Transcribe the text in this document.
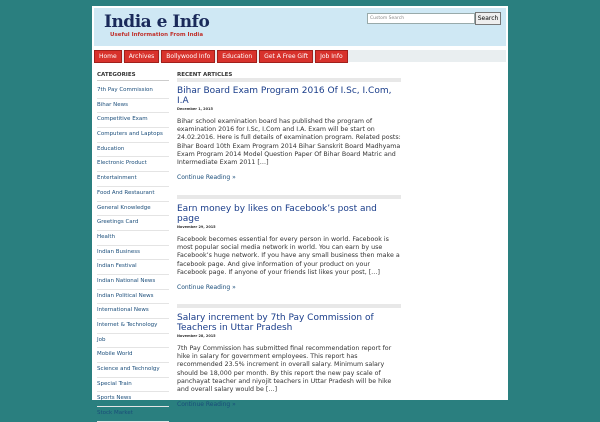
India e Info
Useful Information From India
Custom Search	Search
Home Archives Bollywood Info Education Get A Free Gift Job Info
CATEGORIES
7th Pay Commission
Bihar News
Competitive Exam
Computers and Laptops
Education
Electronic Product
Entertainment
Food And Restaurant
General Knowledge
Greetings Card
Health
Indian Business
Indian Festival
Indian National News
Indian Political News
International News
Internet & Technology
Job
Mobile World
Science and Technolgy
Special Train
Sports News
Stock Market
RECENT ARTICLES
Bihar Board Exam Program 2016 Of I.Sc, I.Com, I.A
December 1, 2015
Bihar school examination board has published the program of examination 2016 for I.Sc, I.Com and I.A. Exam will be start on 24.02.2016. Here is full details of examination program. Related posts: Bihar Board 10th Exam Program 2014 Bihar Sanskrit Board Madhyama Exam Program 2014 Model Question Paper Of Bihar Board Matric and Intermediate Exam 2011 […]
Continue Reading »
Earn money by likes on Facebook’s post and page
November 29, 2015
Facebook becomes essential for every person in world. Facebook is most popular social media network in world. You can earn by use Facebook’s huge network. If you have any small business then make a facebook page. And give information of your product on your Facebook page. If anyone of your friends list likes your post, […]
Continue Reading »
Salary increment by 7th Pay Commission of Teachers in Uttar Pradesh
November 28, 2015
7th Pay Commission has submitted final recommendation report for hike in salary for government employees. This report has recommended 23.5% increment in overall salary. Minimum salary should be 18,000 per month. By this report the new pay scale of panchayat teacher and niyojit teachers in Uttar Pradesh will be hike and overall salary would be […]
Continue Reading »
